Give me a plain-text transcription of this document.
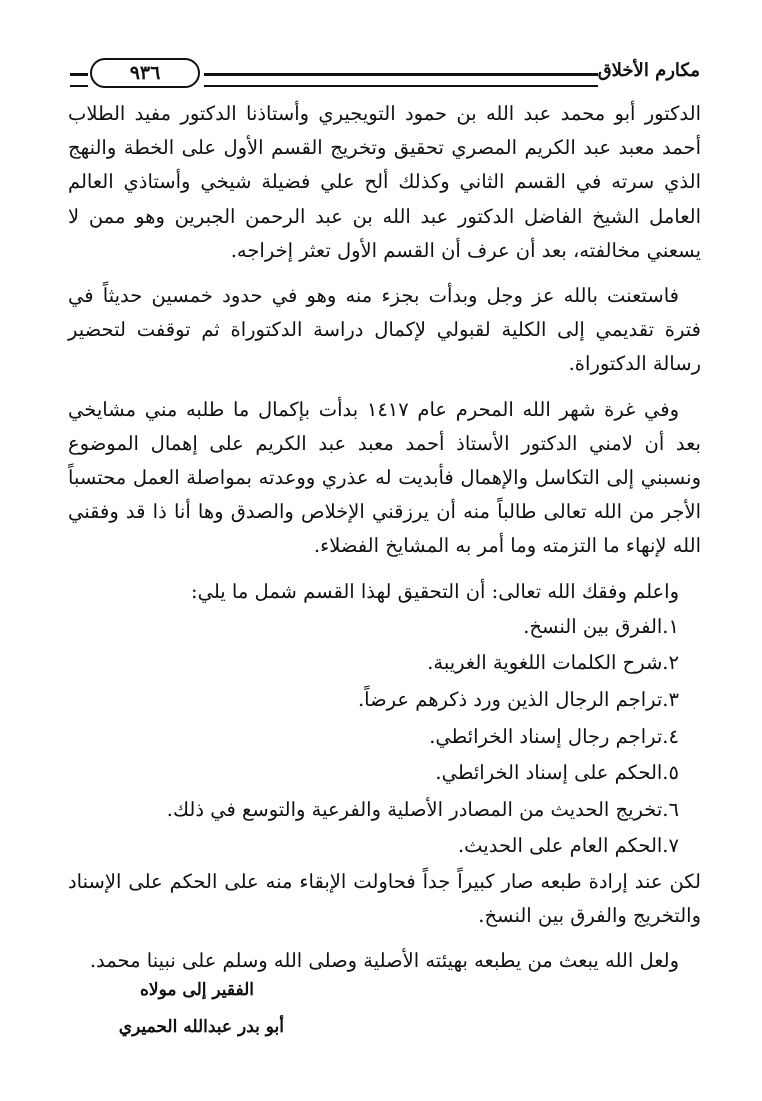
مكارم الأخلاق
٩٣٦

الدكتور أبو محمد عبد الله بن حمود التويجيري وأستاذنا الدكتور مفيد الطلاب أحمد معبد عبد الكريم المصري تحقيق وتخريج القسم الأول على الخطة والنهج الذي سرته في القسم الثاني وكذلك ألح علي فضيلة شيخي وأستاذي العالم العامل الشيخ الفاضل الدكتور عبد الله بن عبد الرحمن الجبرين وهو ممن لا يسعني مخالفته، بعد أن عرف أن القسم الأول تعثر إخراجه.

فاستعنت بالله عز وجل وبدأت بجزء منه وهو في حدود خمسين حديثاً في فترة تقديمي إلى الكلية لقبولي لإكمال دراسة الدكتوراة ثم توقفت لتحضير رسالة الدكتوراة.

وفي غرة شهر الله المحرم عام ١٤١٧ بدأت بإكمال ما طلبه مني مشايخي بعد أن لامني الدكتور الأستاذ أحمد معبد عبد الكريم على إهمال الموضوع ونسبني إلى التكاسل والإهمال فأبديت له عذري ووعدته بمواصلة العمل محتسباً الأجر من الله تعالى طالباً منه أن يرزقني الإخلاص والصدق وها أنا ذا قد وفقني الله لإنهاء ما التزمته وما أمر به المشايخ الفضلاء.

واعلم وفقك الله تعالى: أن التحقيق لهذا القسم شمل ما يلي:

١.الفرق بين النسخ.
٢.شرح الكلمات اللغوية الغريبة.
٣.تراجم الرجال الذين ورد ذكرهم عرضاً.
٤.تراجم رجال إسناد الخرائطي.
٥.الحكم على إسناد الخرائطي.
٦.تخريج الحديث من المصادر الأصلية والفرعية والتوسع في ذلك.
٧.الحكم العام على الحديث.

لكن عند إرادة طبعه صار كبيراً جداً فحاولت الإبقاء منه على الحكم على الإسناد والتخريج والفرق بين النسخ.

ولعل الله يبعث من يطبعه بهيئته الأصلية وصلى الله وسلم على نبينا محمد.

الفقير إلى مولاه
أبو بدر عبدالله الحميري
